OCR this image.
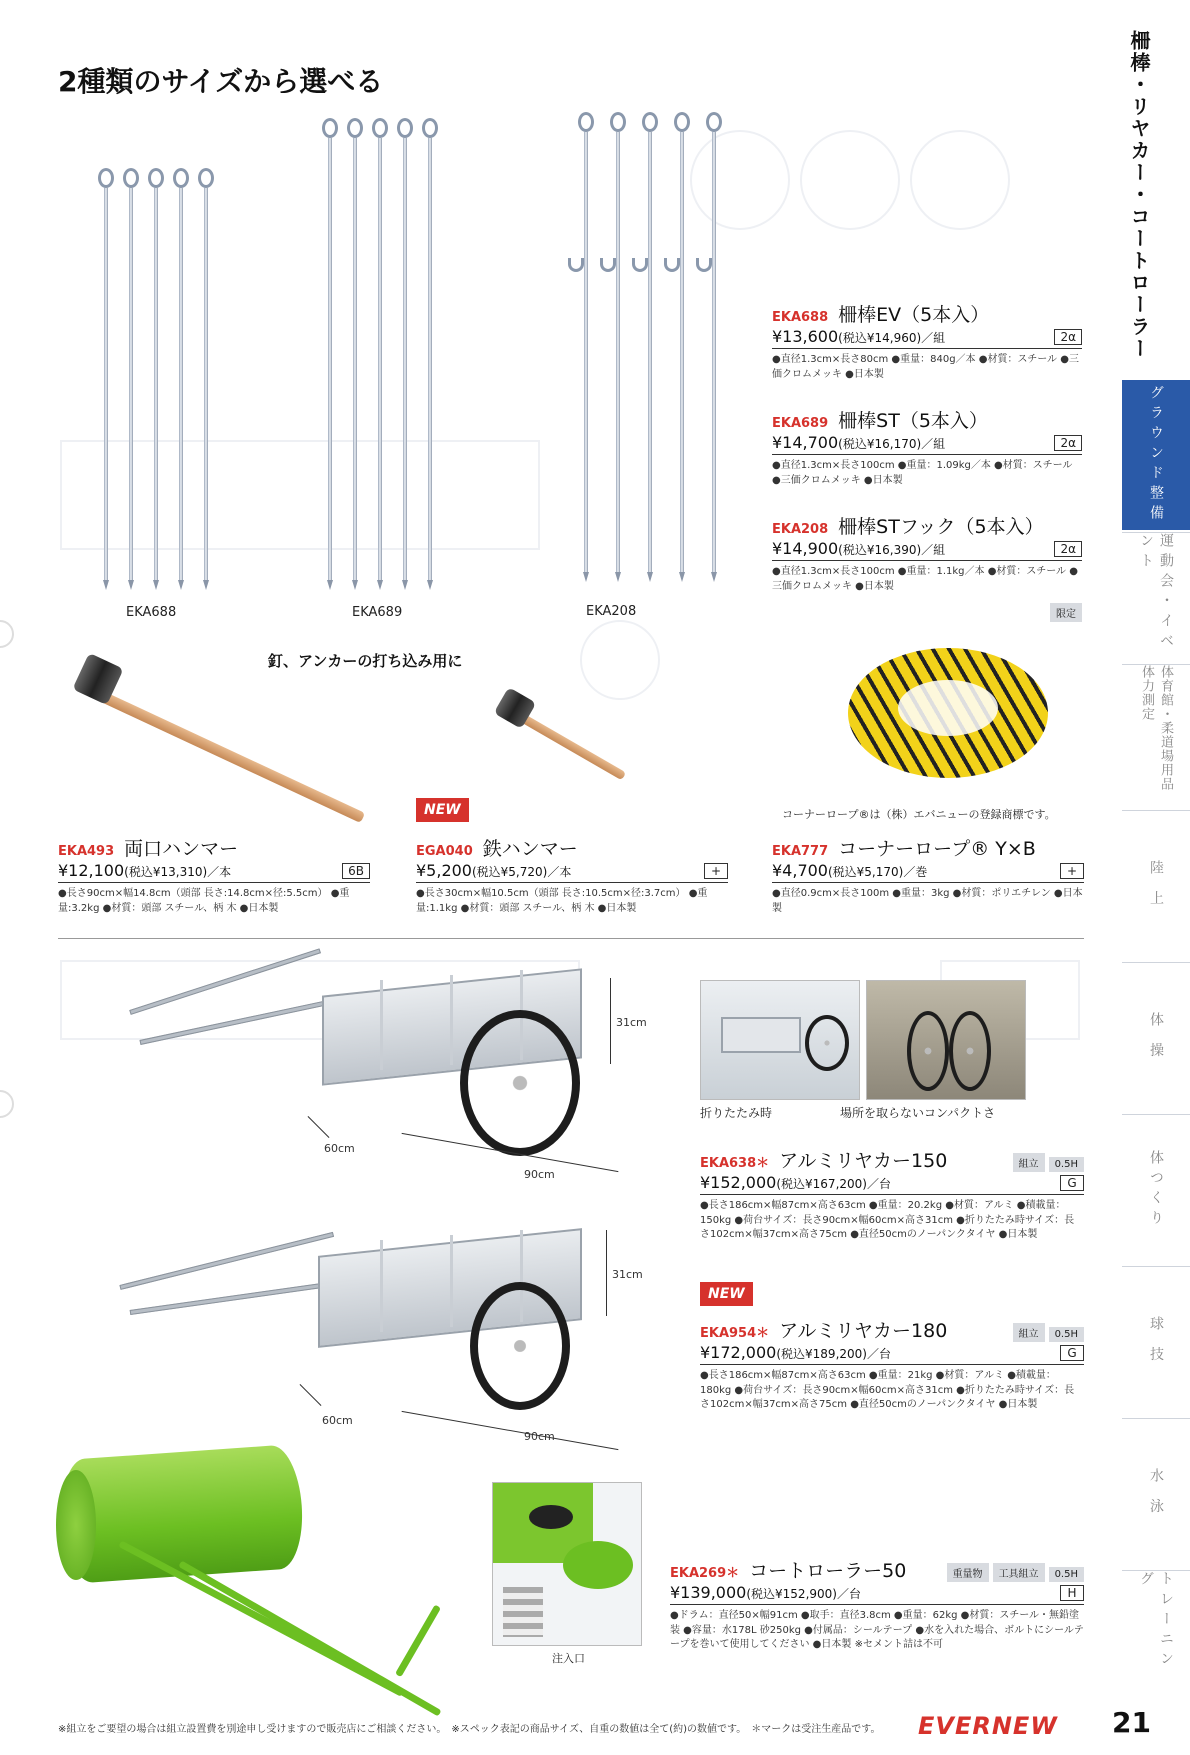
柵棒・リヤカー・コートローラー
グラウンド整備
運動会・イベント
体育館・柔道場用品 体力測定
陸 上
体 操
体つくり
球 技
水 泳
トレーニング
2種類のサイズから選べる
EKA688	EKA689	EKA208
EKA688 柵棒EV（5本入）
¥13,600(税込¥14,960)／組	2α
●直径1.3cm×長さ80cm ●重量：840g／本 ●材質：スチール ●三価クロムメッキ ●日本製
EKA689 柵棒ST（5本入）
¥14,700(税込¥16,170)／組	2α
●直径1.3cm×長さ100cm ●重量：1.09kg／本 ●材質：スチール ●三価クロムメッキ ●日本製
EKA208 柵棒STフック（5本入）
¥14,900(税込¥16,390)／組	2α
●直径1.3cm×長さ100cm ●重量：1.1kg／本 ●材質：スチール ●三価クロムメッキ ●日本製
限定
釘、アンカーの打ち込み用に
コーナーロープ®は（株）エバニューの登録商標です。
EKA493 両口ハンマー
¥12,100(税込¥13,310)／本	6B
●長さ90cm×幅14.8cm（頭部 長さ:14.8cm×径:5.5cm） ●重量:3.2kg ●材質：頭部 スチール、柄 木 ●日本製
NEW
EGA040 鉄ハンマー
¥5,200(税込¥5,720)／本	+
●長さ30cm×幅10.5cm（頭部 長さ:10.5cm×径:3.7cm） ●重量:1.1kg ●材質：頭部 スチール、柄 木 ●日本製
EKA777 コーナーロープ® Y×B
¥4,700(税込¥5,170)／巻	+
●直径0.9cm×長さ100m ●重量：3kg ●材質：ポリエチレン ●日本製
31cm
60cm
90cm
折りたたみ時	場所を取らないコンパクトさ
EKA638＊ アルミリヤカー150	組立 0.5H
¥152,000(税込¥167,200)／台	G
●長さ186cm×幅87cm×高さ63cm ●重量：20.2kg ●材質：アルミ ●積載量：150kg ●荷台サイズ：長さ90cm×幅60cm×高さ31cm ●折りたたみ時サイズ：長さ102cm×幅37cm×高さ75cm ●直径50cmのノーパンクタイヤ ●日本製
31cm
60cm
90cm
NEW
EKA954＊ アルミリヤカー180	組立 0.5H
¥172,000(税込¥189,200)／台	G
●長さ186cm×幅87cm×高さ63cm ●重量：21kg ●材質：アルミ ●積載量：180kg ●荷台サイズ：長さ90cm×幅60cm×高さ31cm ●折りたたみ時サイズ：長さ102cm×幅37cm×高さ75cm ●直径50cmのノーパンクタイヤ ●日本製
注入口
EKA269＊ コートローラー50	重量物 工具組立 0.5H
¥139,000(税込¥152,900)／台	H
●ドラム：直径50×幅91cm ●取手：直径3.8cm ●重量：62kg ●材質：スチール・無鉛塗装 ●容量：水178L 砂250kg ●付属品：シールテープ ●水を入れた場合、ボルトにシールテープを巻いて使用してください ●日本製 ※セメント詰は不可
※組立をご要望の場合は組立設置費を別途申し受けますので販売店にご相談ください。　※スペック表記の商品サイズ、自重の数値は全て(約)の数値です。　＊マークは受注生産品です。 EVERNEW 21
